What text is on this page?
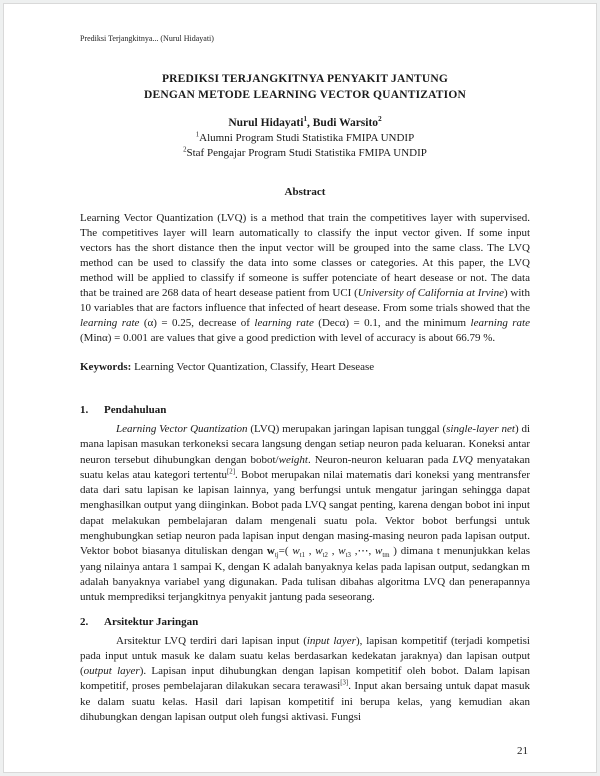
Prediksi Terjangkitnya... (Nurul Hidayati)
PREDIKSI TERJANGKITNYA PENYAKIT JANTUNG
DENGAN METODE LEARNING VECTOR QUANTIZATION
Nurul Hidayati$^1$, Budi Warsito$^2$
$^1$Alumni Program Studi Statistika FMIPA UNDIP
$^2$Staf Pengajar Program Studi Statistika FMIPA UNDIP
Abstract

Learning Vector Quantization (LVQ) is a method that train the competitives layer with supervised. The competitives layer will learn automatically to classify the input vector given. If some input vectors has the short distance then the input vector will be grouped into the same class. The LVQ method can be used to classify the data into some classes or categories. At this paper, the LVQ method will be applied to classify if someone is suffer potenciate of heart desease or not. The data that be trained are 268 data of heart desease patient from UCI (University of California at Irvine) with 10 variables that are factors influence that infected of heart desease. From some trials showed that the learning rate (α) = 0.25, decrease of learning rate (Decα) = 0.1, and the minimum learning rate (Minα) = 0.001 are values that give a good prediction with level of accuracy is about 66.79 %.

Keywords: Learning Vector Quantization, Classify, Heart Desease

1. Pendahuluan

Learning Vector Quantization (LVQ) merupakan jaringan lapisan tunggal (single-layer net) di mana lapisan masukan terkoneksi secara langsung dengan setiap neuron pada keluaran. Koneksi antar neuron tersebut dihubungkan dengan bobot/weight. Neuron-neuron keluaran pada LVQ menyatakan suatu kelas atau kategori tertentu[2]. Bobot merupakan nilai matematis dari koneksi yang mentransfer data dari satu lapisan ke lapisan lainnya, yang berfungsi untuk mengatur jaringan sehingga dapat menghasilkan output yang diinginkan. Bobot pada LVQ sangat penting, karena dengan bobot ini input dapat melakukan pembelajaran dalam mengenali suatu pola. Vektor bobot berfungsi untuk menghubungkan setiap neuron pada lapisan input dengan masing-masing neuron pada lapisan output. Vektor bobot biasanya dituliskan dengan $w_{tj}=$( $w_{t1}$ , $w_{t2}$ , $w_{t3}$ ,⋯, $w_{tm}$ ) dimana t menunjukkan kelas yang nilainya antara 1 sampai K, dengan K adalah banyaknya kelas pada lapisan output, sedangkan m adalah banyaknya variabel yang digunakan. Pada tulisan dibahas algoritma LVQ dan penerapannya untuk memprediksi terjangkitnya penyakit jantung pada seseorang.

2. Arsitektur Jaringan

Arsitektur LVQ terdiri dari lapisan input (input layer), lapisan kompetitif (terjadi kompetisi pada input untuk masuk ke dalam suatu kelas berdasarkan kedekatan jaraknya) dan lapisan output (output layer). Lapisan input dihubungkan dengan lapisan kompetitif oleh bobot. Dalam lapisan kompetitif, proses pembelajaran dilakukan secara terawasi[3]. Input akan bersaing untuk dapat masuk ke dalam suatu kelas. Hasil dari lapisan kompetitif ini berupa kelas, yang kemudian akan dihubungkan dengan lapisan output oleh fungsi aktivasi. Fungsi

21
